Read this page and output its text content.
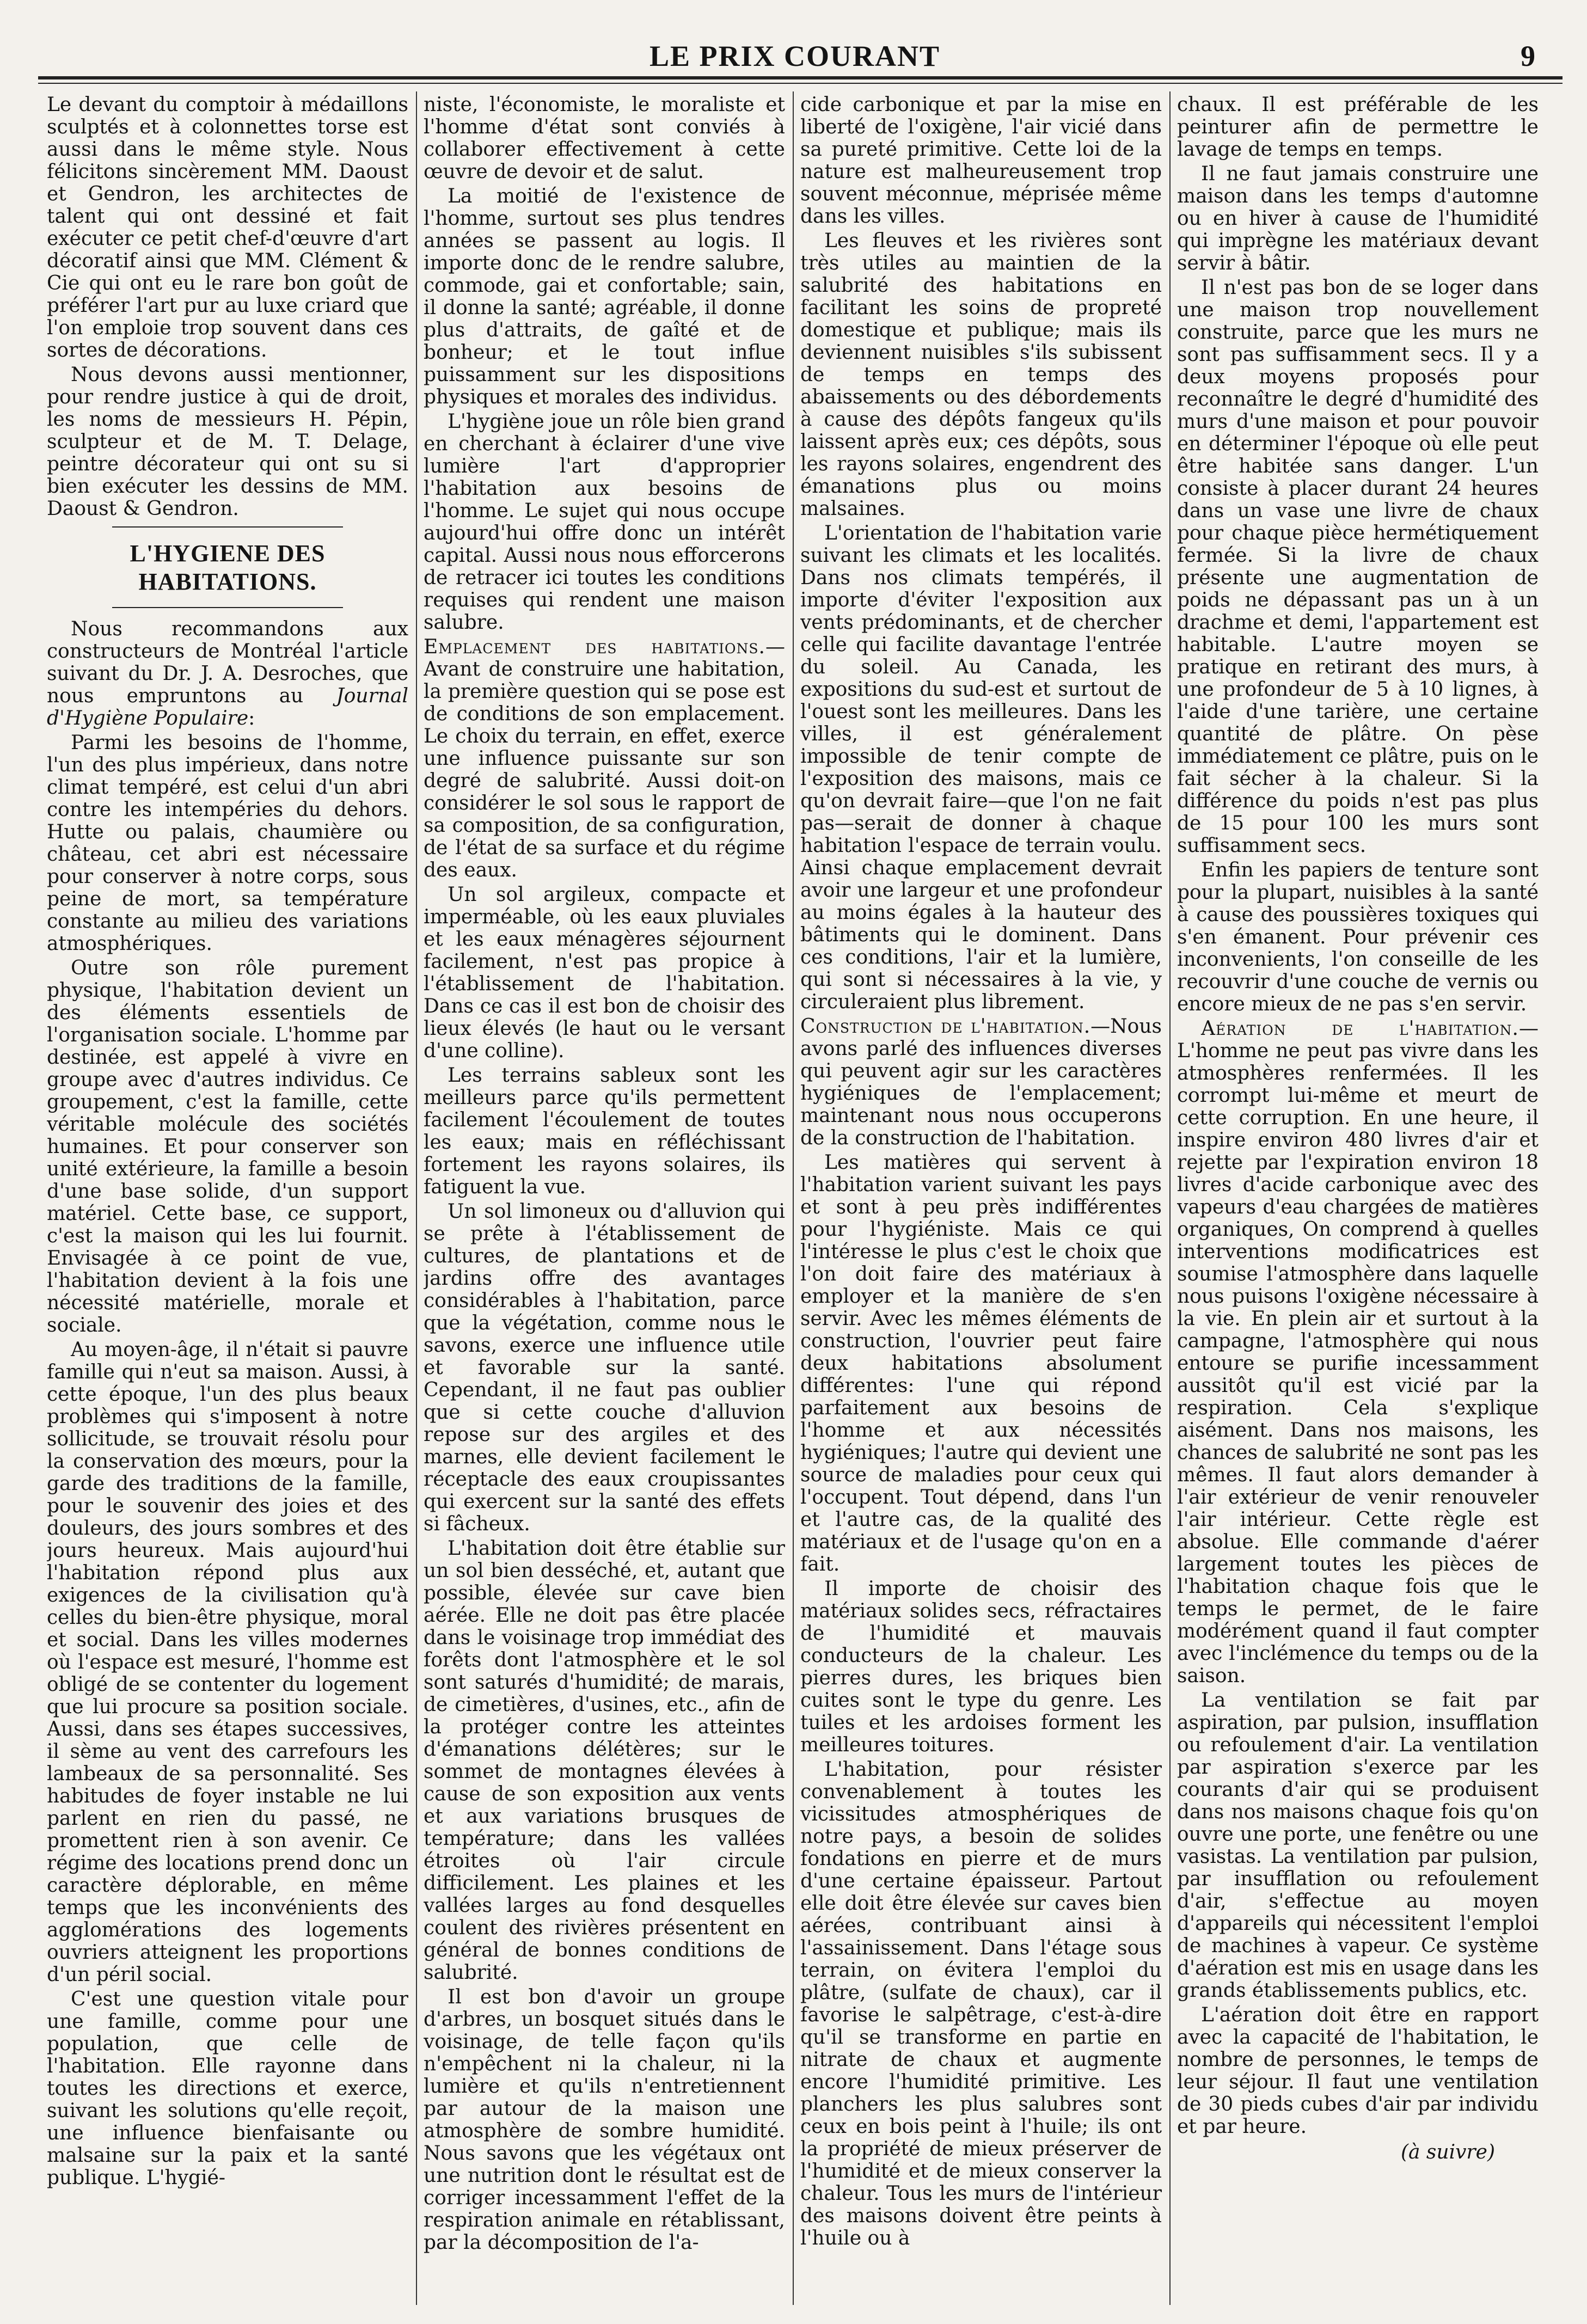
LE PRIX COURANT	9

Le devant du comptoir à médaillons sculptés et à colonnettes torse est aussi dans le même style. Nous félicitons sincèrement MM. Daoust et Gendron, les architectes de talent qui ont dessiné et fait exécuter ce petit chef-d'œuvre d'art décoratif ainsi que MM. Clément & Cie qui ont eu le rare bon goût de préférer l'art pur au luxe criard que l'on emploie trop souvent dans ces sortes de décorations.

Nous devons aussi mentionner, pour rendre justice à qui de droit, les noms de messieurs H. Pépin, sculpteur et de M. T. Delage, peintre décorateur qui ont su si bien exécuter les dessins de MM. Daoust & Gendron.

L'HYGIENE DES HABITATIONS.

Nous recommandons aux constructeurs de Montréal l'article suivant du Dr. J. A. Desroches, que nous empruntons au Journal d'Hygiène Populaire:

Parmi les besoins de l'homme, l'un des plus impérieux, dans notre climat tempéré, est celui d'un abri contre les intempéries du dehors. Hutte ou palais, chaumière ou château, cet abri est nécessaire pour conserver à notre corps, sous peine de mort, sa température constante au milieu des variations atmosphériques.

Outre son rôle purement physique, l'habitation devient un des éléments essentiels de l'organisation sociale. L'homme par destinée, est appelé à vivre en groupe avec d'autres individus. Ce groupement, c'est la famille, cette véritable molécule des sociétés humaines. Et pour conserver son unité extérieure, la famille a besoin d'une base solide, d'un support matériel. Cette base, ce support, c'est la maison qui les lui fournit. Envisagée à ce point de vue, l'habitation devient à la fois une nécessité matérielle, morale et sociale.

Au moyen-âge, il n'était si pauvre famille qui n'eut sa maison. Aussi, à cette époque, l'un des plus beaux problèmes qui s'imposent à notre sollicitude, se trouvait résolu pour la conservation des mœurs, pour la garde des traditions de la famille, pour le souvenir des joies et des douleurs, des jours sombres et des jours heureux. Mais aujourd'hui l'habitation répond plus aux exigences de la civilisation qu'à celles du bien-être physique, moral et social. Dans les villes modernes où l'espace est mesuré, l'homme est obligé de se contenter du logement que lui procure sa position sociale. Aussi, dans ses étapes successives, il sème au vent des carrefours les lambeaux de sa personnalité. Ses habitudes de foyer instable ne lui parlent en rien du passé, ne promettent rien à son avenir. Ce régime des locations prend donc un caractère déplorable, en même temps que les inconvénients des agglomérations des logements ouvriers atteignent les proportions d'un péril social.

C'est une question vitale pour une famille, comme pour une population, que celle de l'habitation. Elle rayonne dans toutes les directions et exerce, suivant les solutions qu'elle reçoit, une influence bienfaisante ou malsaine sur la paix et la santé publique. L'hygié-

niste, l'économiste, le moraliste et l'homme d'état sont conviés à collaborer effectivement à cette œuvre de devoir et de salut.

La moitié de l'existence de l'homme, surtout ses plus tendres années se passent au logis. Il importe donc de le rendre salubre, commode, gai et confortable; sain, il donne la santé; agréable, il donne plus d'attraits, de gaîté et de bonheur; et le tout influe puissamment sur les dispositions physiques et morales des individus.

L'hygiène joue un rôle bien grand en cherchant à éclairer d'une vive lumière l'art d'approprier l'habitation aux besoins de l'homme. Le sujet qui nous occupe aujourd'hui offre donc un intérêt capital. Aussi nous nous efforcerons de retracer ici toutes les conditions requises qui rendent une maison salubre.

Emplacement des habitations.—Avant de construire une habitation, la première question qui se pose est de conditions de son emplacement. Le choix du terrain, en effet, exerce une influence puissante sur son degré de salubrité. Aussi doit-on considérer le sol sous le rapport de sa composition, de sa configuration, de l'état de sa surface et du régime des eaux.

Un sol argileux, compacte et imperméable, où les eaux pluviales et les eaux ménagères séjournent facilement, n'est pas propice à l'établissement de l'habitation. Dans ce cas il est bon de choisir des lieux élevés (le haut ou le versant d'une colline).

Les terrains sableux sont les meilleurs parce qu'ils permettent facilement l'écoulement de toutes les eaux; mais en réfléchissant fortement les rayons solaires, ils fatiguent la vue.

Un sol limoneux ou d'alluvion qui se prête à l'établissement de cultures, de plantations et de jardins offre des avantages considérables à l'habitation, parce que la végétation, comme nous le savons, exerce une influence utile et favorable sur la santé. Cependant, il ne faut pas oublier que si cette couche d'alluvion repose sur des argiles et des marnes, elle devient facilement le réceptacle des eaux croupissantes qui exercent sur la santé des effets si fâcheux.

L'habitation doit être établie sur un sol bien desséché, et, autant que possible, élevée sur cave bien aérée. Elle ne doit pas être placée dans le voisinage trop immédiat des forêts dont l'atmosphère et le sol sont saturés d'humidité; de marais, de cimetières, d'usines, etc., afin de la protéger contre les atteintes d'émanations délétères; sur le sommet de montagnes élevées à cause de son exposition aux vents et aux variations brusques de température; dans les vallées étroites où l'air circule difficilement. Les plaines et les vallées larges au fond desquelles coulent des rivières présentent en général de bonnes conditions de salubrité.

Il est bon d'avoir un groupe d'arbres, un bosquet situés dans le voisinage, de telle façon qu'ils n'empêchent ni la chaleur, ni la lumière et qu'ils n'entretiennent par autour de la maison une atmosphère de sombre humidité. Nous savons que les végétaux ont une nutrition dont le résultat est de corriger incessamment l'effet de la respiration animale en rétablissant, par la décomposition de l'a-

cide carbonique et par la mise en liberté de l'oxigène, l'air vicié dans sa pureté primitive. Cette loi de la nature est malheureusement trop souvent méconnue, méprisée même dans les villes.

Les fleuves et les rivières sont très utiles au maintien de la salubrité des habitations en facilitant les soins de propreté domestique et publique; mais ils deviennent nuisibles s'ils subissent de temps en temps des abaissements ou des débordements à cause des dépôts fangeux qu'ils laissent après eux; ces dépôts, sous les rayons solaires, engendrent des émanations plus ou moins malsaines.

L'orientation de l'habitation varie suivant les climats et les localités. Dans nos climats tempérés, il importe d'éviter l'exposition aux vents prédominants, et de chercher celle qui facilite davantage l'entrée du soleil. Au Canada, les expositions du sud-est et surtout de l'ouest sont les meilleures. Dans les villes, il est généralement impossible de tenir compte de l'exposition des maisons, mais ce qu'on devrait faire—que l'on ne fait pas—serait de donner à chaque habitation l'espace de terrain voulu. Ainsi chaque emplacement devrait avoir une largeur et une profondeur au moins égales à la hauteur des bâtiments qui le dominent. Dans ces conditions, l'air et la lumière, qui sont si nécessaires à la vie, y circuleraient plus librement.

Construction de l'habitation.—Nous avons parlé des influences diverses qui peuvent agir sur les caractères hygiéniques de l'emplacement; maintenant nous nous occuperons de la construction de l'habitation.

Les matières qui servent à l'habitation varient suivant les pays et sont à peu près indifférentes pour l'hygiéniste. Mais ce qui l'intéresse le plus c'est le choix que l'on doit faire des matériaux à employer et la manière de s'en servir. Avec les mêmes éléments de construction, l'ouvrier peut faire deux habitations absolument différentes: l'une qui répond parfaitement aux besoins de l'homme et aux nécessités hygiéniques; l'autre qui devient une source de maladies pour ceux qui l'occupent. Tout dépend, dans l'un et l'autre cas, de la qualité des matériaux et de l'usage qu'on en a fait.

Il importe de choisir des matériaux solides secs, réfractaires de l'humidité et mauvais conducteurs de la chaleur. Les pierres dures, les briques bien cuites sont le type du genre. Les tuiles et les ardoises forment les meilleures toitures.

L'habitation, pour résister convenablement à toutes les vicissitudes atmosphériques de notre pays, a besoin de solides fondations en pierre et de murs d'une certaine épaisseur. Partout elle doit être élevée sur caves bien aérées, contribuant ainsi à l'assainissement. Dans l'étage sous terrain, on évitera l'emploi du plâtre, (sulfate de chaux), car il favorise le salpêtrage, c'est-à-dire qu'il se transforme en partie en nitrate de chaux et augmente encore l'humidité primitive. Les planchers les plus salubres sont ceux en bois peint à l'huile; ils ont la propriété de mieux préserver de l'humidité et de mieux conserver la chaleur. Tous les murs de l'intérieur des maisons doivent être peints à l'huile ou à

chaux. Il est préférable de les peinturer afin de permettre le lavage de temps en temps.

Il ne faut jamais construire une maison dans les temps d'automne ou en hiver à cause de l'humidité qui imprègne les matériaux devant servir à bâtir.

Il n'est pas bon de se loger dans une maison trop nouvellement construite, parce que les murs ne sont pas suffisamment secs. Il y a deux moyens proposés pour reconnaître le degré d'humidité des murs d'une maison et pour pouvoir en déterminer l'époque où elle peut être habitée sans danger. L'un consiste à placer durant 24 heures dans un vase une livre de chaux pour chaque pièce hermétiquement fermée. Si la livre de chaux présente une augmentation de poids ne dépassant pas un à un drachme et demi, l'appartement est habitable. L'autre moyen se pratique en retirant des murs, à une profondeur de 5 à 10 lignes, à l'aide d'une tarière, une certaine quantité de plâtre. On pèse immédiatement ce plâtre, puis on le fait sécher à la chaleur. Si la différence du poids n'est pas plus de 15 pour 100 les murs sont suffisamment secs.

Enfin les papiers de tenture sont pour la plupart, nuisibles à la santé à cause des poussières toxiques qui s'en émanent. Pour prévenir ces inconvenients, l'on conseille de les recouvrir d'une couche de vernis ou encore mieux de ne pas s'en servir.

Aération de l'habitation.—L'homme ne peut pas vivre dans les atmosphères renfermées. Il les corrompt lui-même et meurt de cette corruption. En une heure, il inspire environ 480 livres d'air et rejette par l'expiration environ 18 livres d'acide carbonique avec des vapeurs d'eau chargées de matières organiques, On comprend à quelles interventions modificatrices est soumise l'atmosphère dans laquelle nous puisons l'oxigène nécessaire à la vie. En plein air et surtout à la campagne, l'atmosphère qui nous entoure se purifie incessamment aussitôt qu'il est vicié par la respiration. Cela s'explique aisément. Dans nos maisons, les chances de salubrité ne sont pas les mêmes. Il faut alors demander à l'air extérieur de venir renouveler l'air intérieur. Cette règle est absolue. Elle commande d'aérer largement toutes les pièces de l'habitation chaque fois que le temps le permet, de le faire modérément quand il faut compter avec l'inclémence du temps ou de la saison.

La ventilation se fait par aspiration, par pulsion, insufflation ou refoulement d'air. La ventilation par aspiration s'exerce par les courants d'air qui se produisent dans nos maisons chaque fois qu'on ouvre une porte, une fenêtre ou une vasistas. La ventilation par pulsion, par insufflation ou refoulement d'air, s'effectue au moyen d'appareils qui nécessitent l'emploi de machines à vapeur. Ce système d'aération est mis en usage dans les grands établissements publics, etc.

L'aération doit être en rapport avec la capacité de l'habitation, le nombre de personnes, le temps de leur séjour. Il faut une ventilation de 30 pieds cubes d'air par individu et par heure.

(à suivre)
